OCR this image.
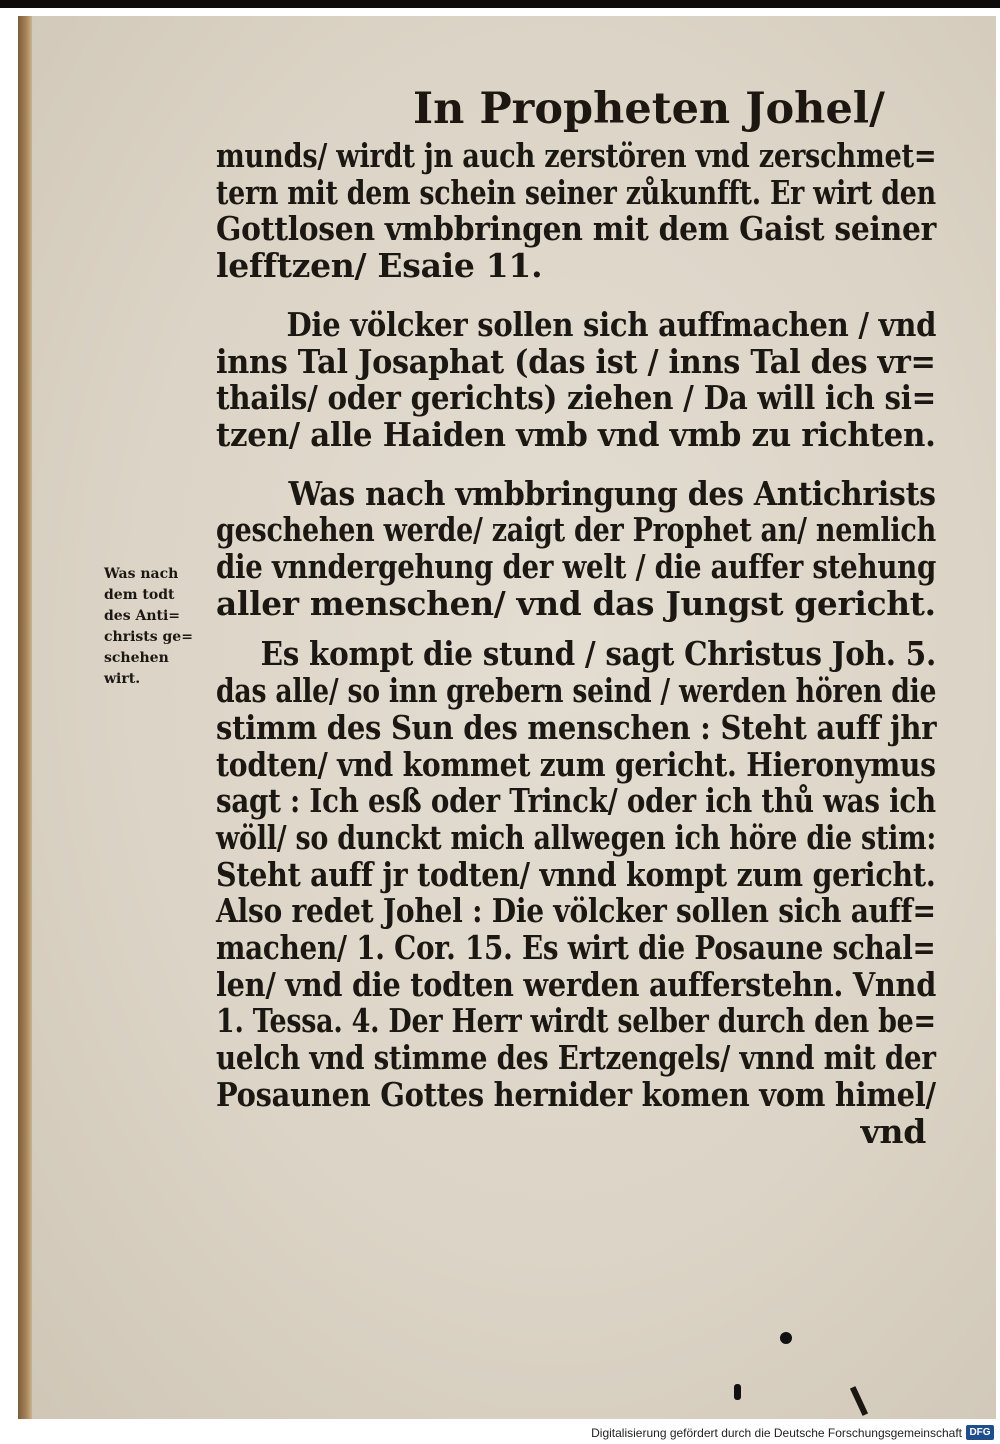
In Propheten Johel/
munds/ wirdt jn auch zerstören vnd zerschmet=
tern mit dem schein seiner zůkunfft. Er wirt den
Gottlosen vmbbringen mit dem Gaist seiner
lefftzen/ Esaie 11.
Die völcker sollen sich auffmachen / vnd
inns Tal Josaphat (das ist / inns Tal des vr=
thails/ oder gerichts) ziehen / Da will ich si=
tzen/ alle Haiden vmb vnd vmb zu richten.
Was nach vmbbringung des Antichrists
geschehen werde/ zaigt der Prophet an/ nemlich
die vnndergehung der welt / die auffer stehung
aller menschen/ vnd das Jungst gericht.
Es kompt die stund / sagt Christus Joh. 5.
das alle/ so inn grebern seind / werden hören die
stimm des Sun des menschen : Steht auff jhr
todten/ vnd kommet zum gericht. Hieronymus
sagt : Ich esß oder Trinck/ oder ich thů was ich
wöll/ so dunckt mich allwegen ich höre die stim:
Steht auff jr todten/ vnnd kompt zum gericht.
Also redet Johel : Die völcker sollen sich auff=
machen/ 1. Cor. 15. Es wirt die Posaune schal=
len/ vnd die todten werden aufferstehn. Vnnd
1. Tessa. 4. Der Herr wirdt selber durch den be=
uelch vnd stimme des Ertzengels/ vnnd mit der
Posaunen Gottes hernider komen vom himel/
vnd
Was nach
dem todt
des Anti=
christs ge=
schehen
wirt.
Digitalisierung gefördert durch die Deutsche Forschungsgemeinschaft DFG
